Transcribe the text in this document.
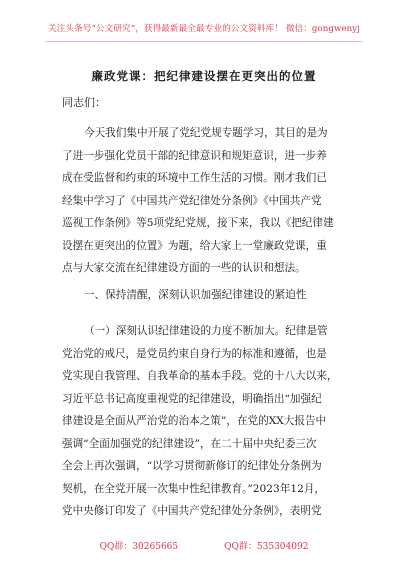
关注头条号“公文研究”，获得最新最全最专业的公文资料库！ 微信：gongwenyj
廉政党课：把纪律建设摆在更突出的位置
同志们：
今天我们集中开展了党纪党规专题学习，其目的是为
了进一步强化党员干部的纪律意识和规矩意识，进一步养
成在受监督和约束的环境中工作生活的习惯。刚才我们已
经集中学习了《中国共产党纪律处分条例》《中国共产党
巡视工作条例》等5项党纪党规，接下来，我以《把纪律建
设摆在更突出的位置》为题，给大家上一堂廉政党课，重
点与大家交流在纪律建设方面的一些的认识和想法。
一、保持清醒，深刻认识加强纪律建设的紧迫性
（一）深刻认识纪律建设的力度不断加大。纪律是管
党治党的戒尺，是党员约束自身行为的标准和遵循，也是
党实现自我管理、自我革命的基本手段。党的十八大以来，
习近平总书记高度重视党的纪律建设，明确指出“加强纪
律建设是全面从严治党的治本之策”，在党的XX大报告中
强调“全面加强党的纪律建设”，在二十届中央纪委三次
全会上再次强调，“以学习贯彻新修订的纪律处分条例为
契机，在全党开展一次集中性纪律教育。”2023年12月，
党中央修订印发了《中国共产党纪律处分条例》，表明党
QQ群：30265665	QQ群：535304092
